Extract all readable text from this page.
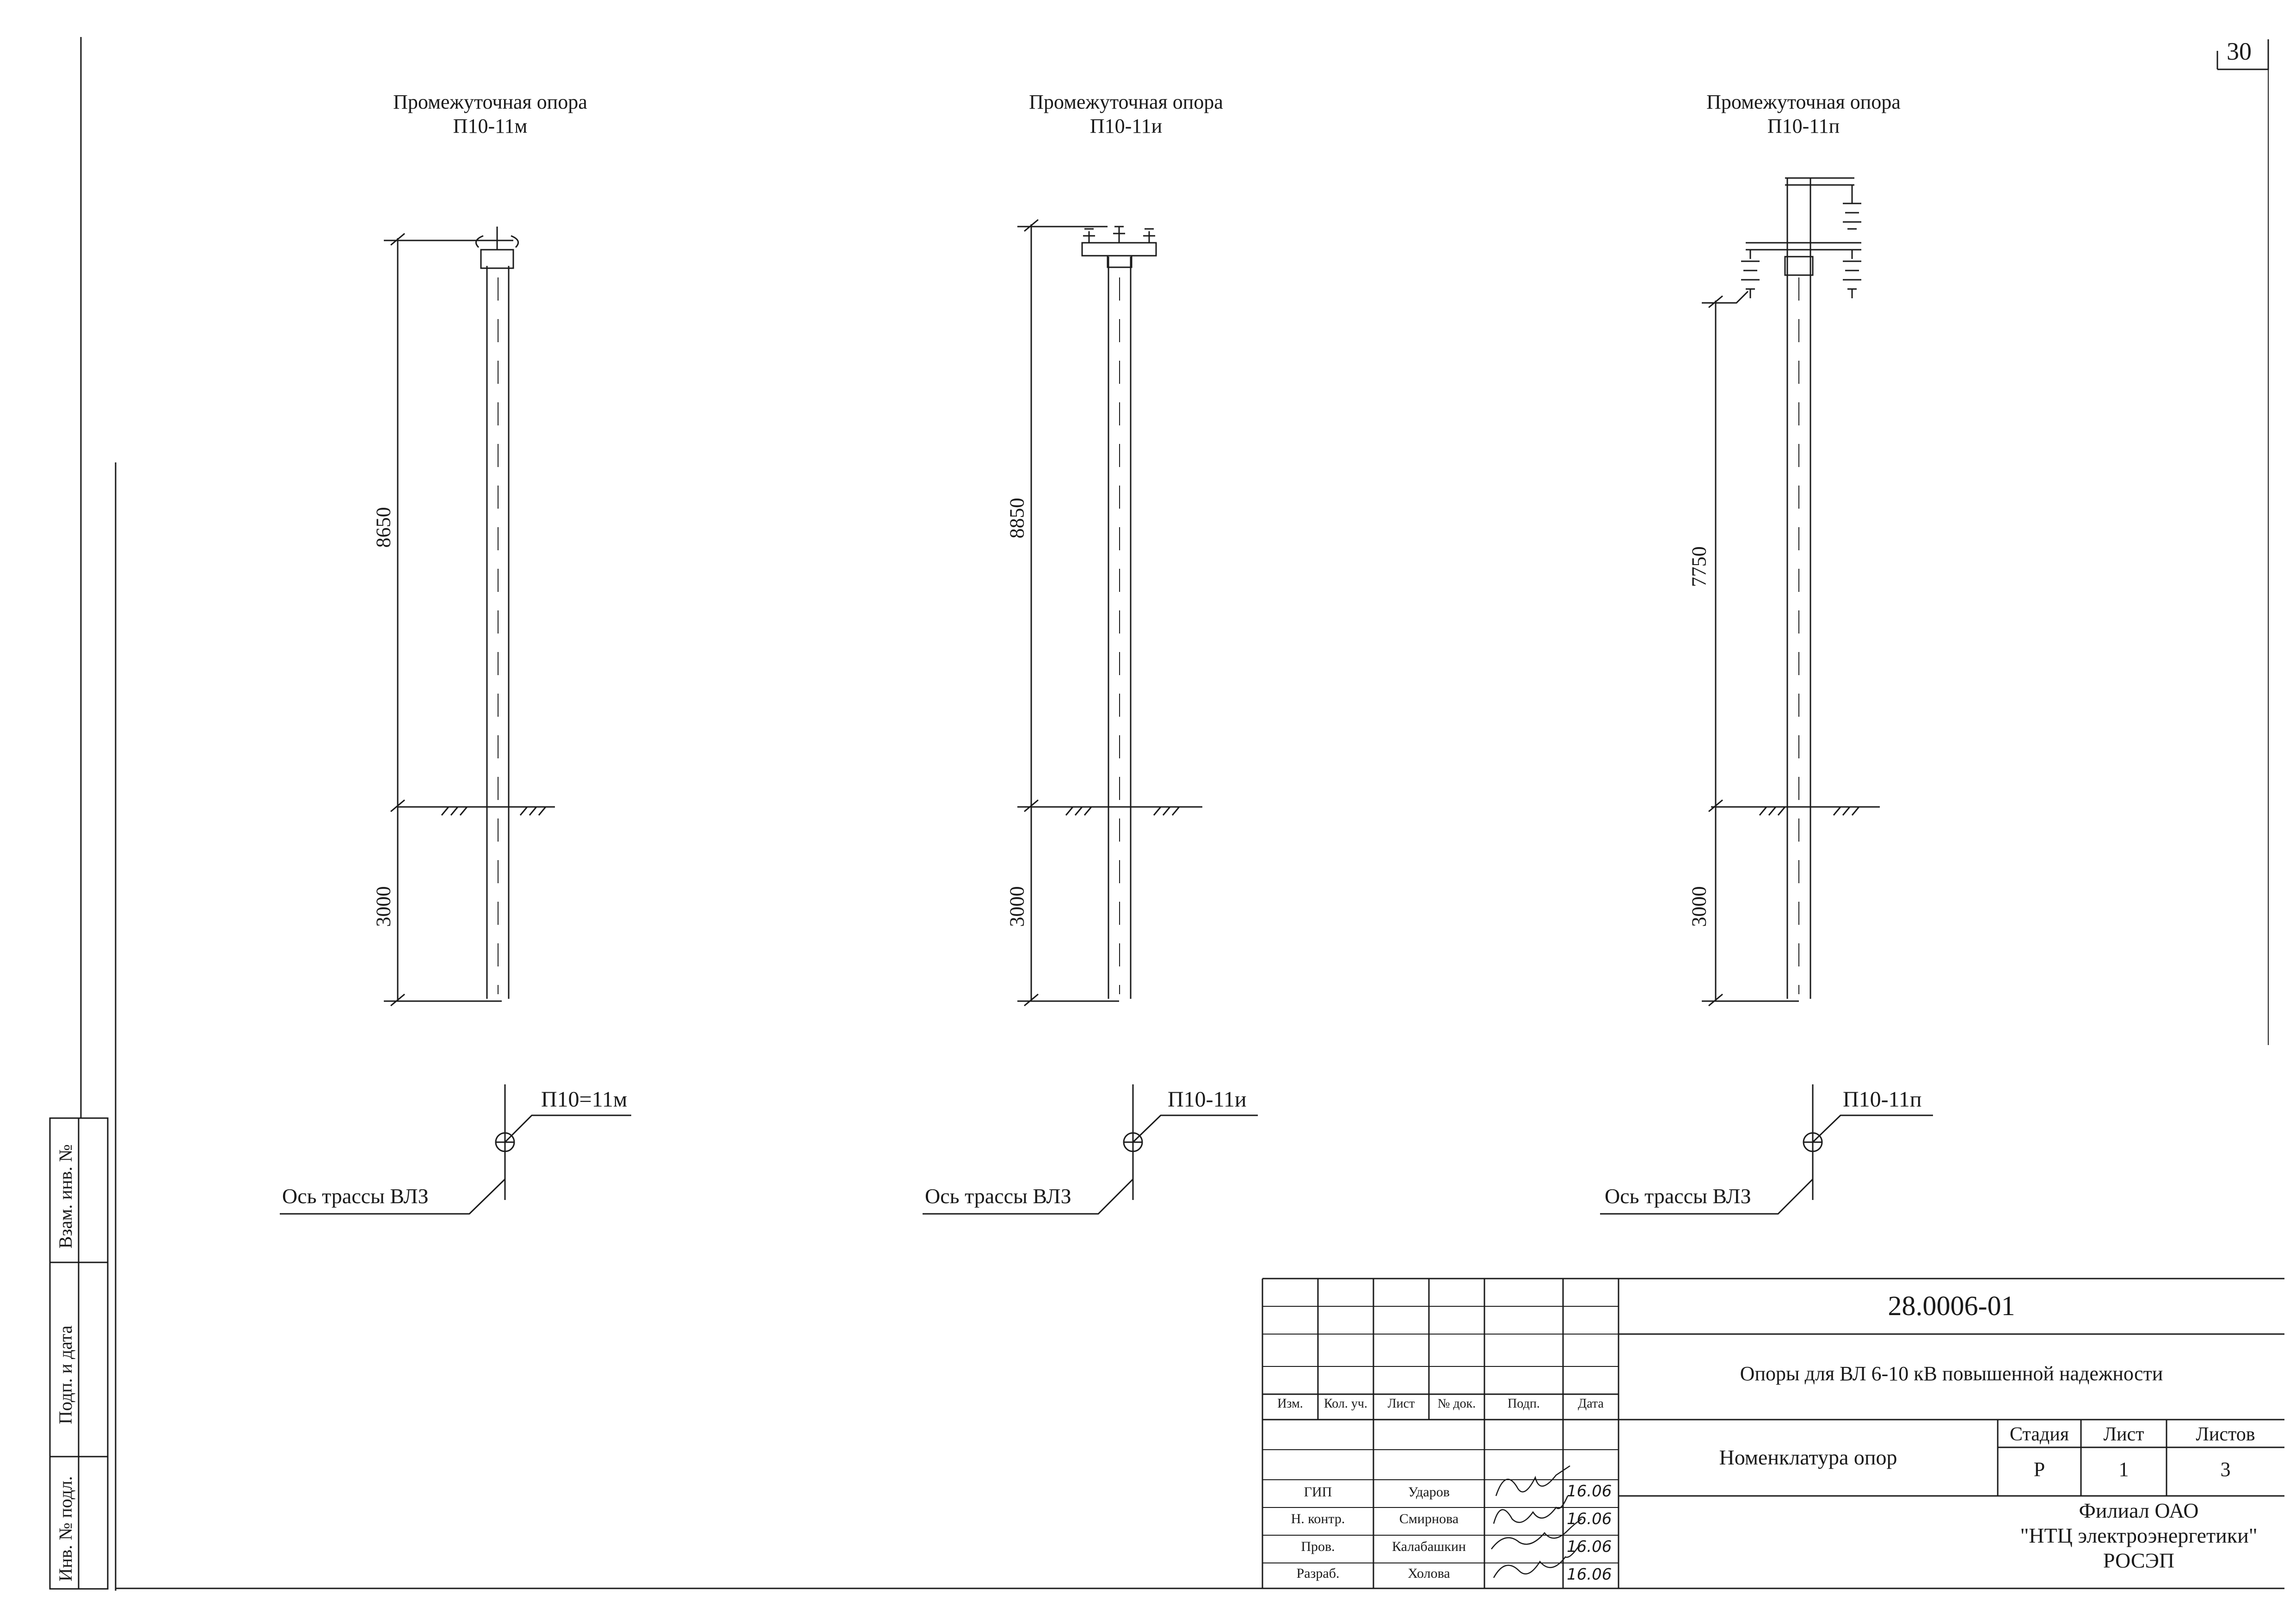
30
Инв. № подл.
Подп. и дата
Взам. инв. №
Промежуточная опора
П10-11м
Промежуточная опора
П10-11и
Промежуточная опора
П10-11п
8650
3000
8850
3000
7750
3000
П10=11м	П10-11и	П10-11п
Ось трассы ВЛЗ	Ось трассы ВЛЗ	Ось трассы ВЛЗ
28.0006-01
Опоры для ВЛ 6-10 кВ повышенной надежности
Номенклатура опор
Изм.	Кол. уч.	Лист	№ док.	Подп.	Дата
Стадия	Лист	Листов
Р	1	3
Филиал ОАО
"НТЦ электроэнергетики"
РОСЭП
ГИП	Ударов	16.06
Н. контр.	Смирнова	16.06
Пров.	Калабашкин	16.06
Разраб.	Холова	16.06
